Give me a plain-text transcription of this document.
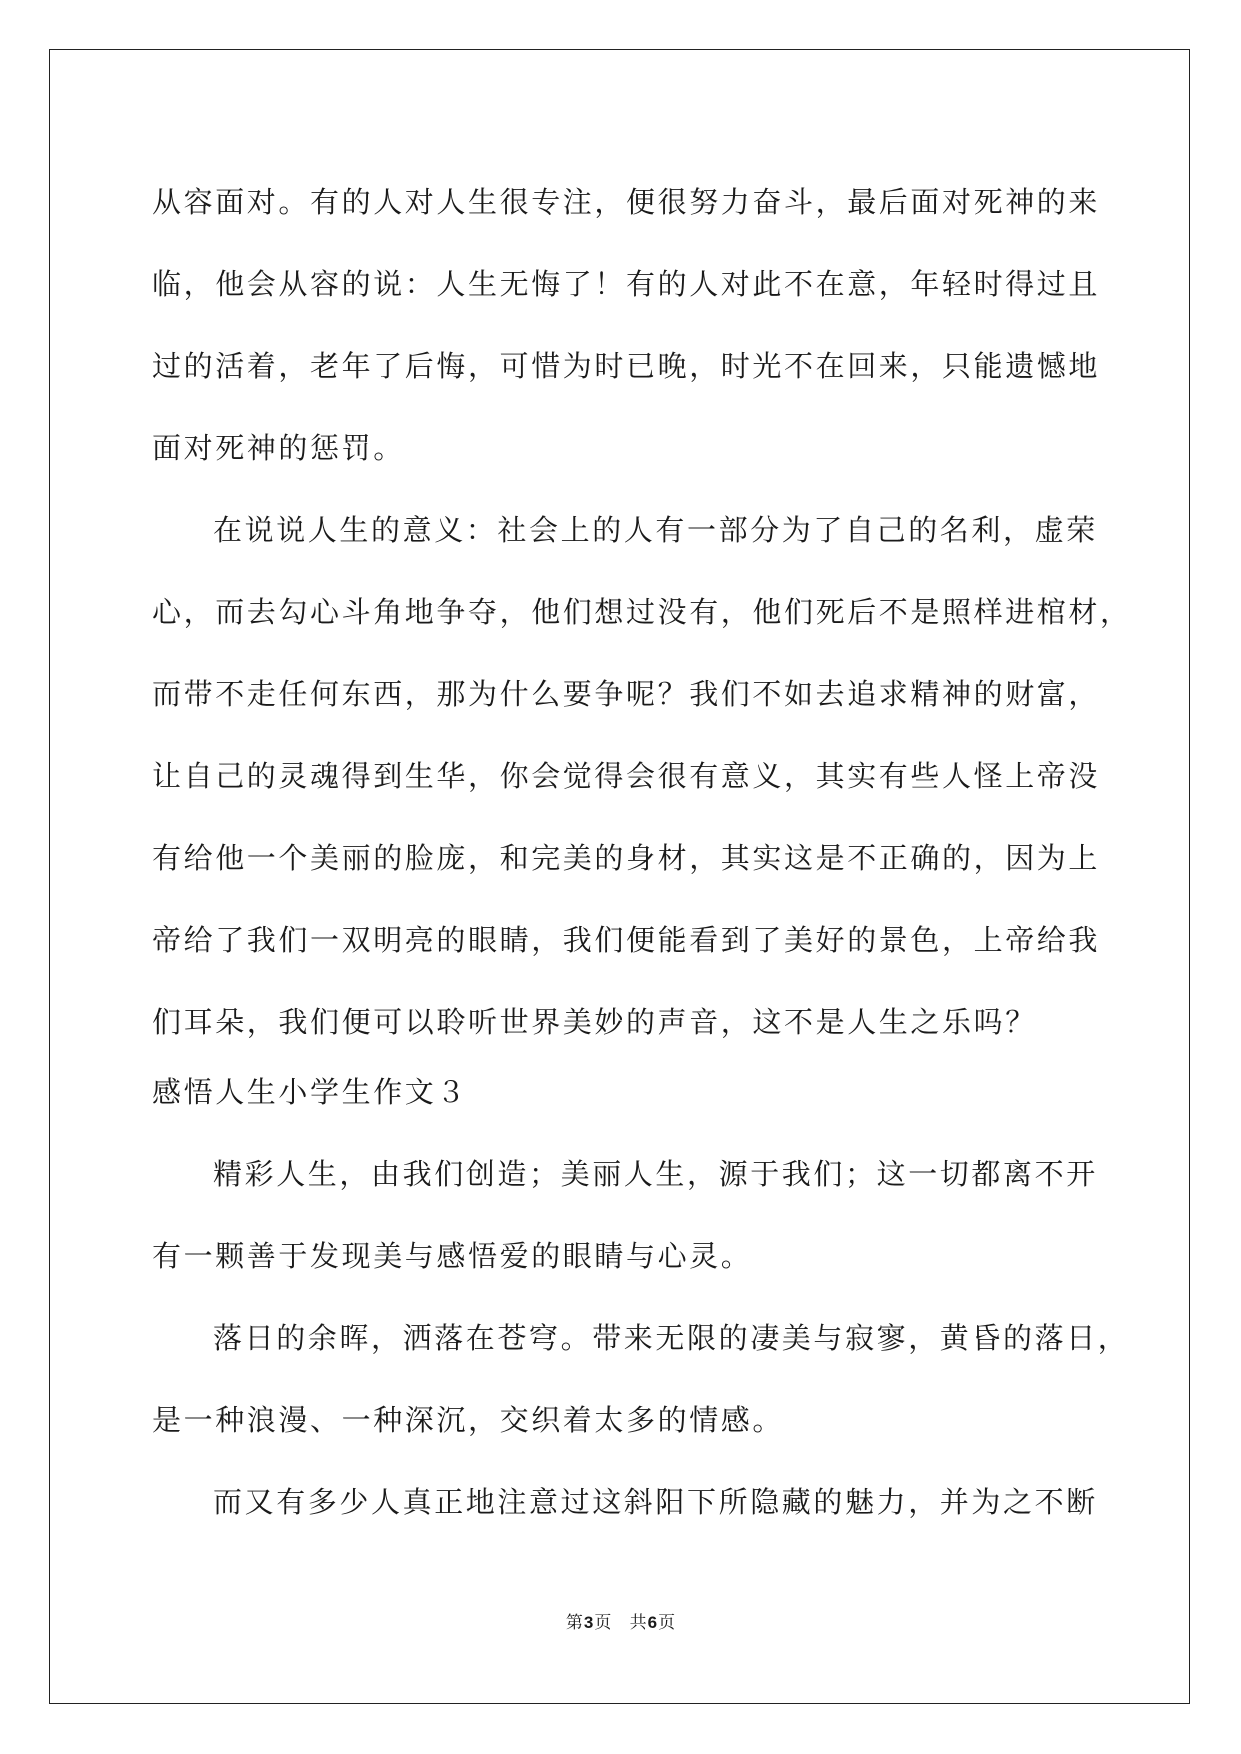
从容面对。有的人对人生很专注，便很努力奋斗，最后面对死神的来
临，他会从容的说：人生无悔了！有的人对此不在意，年轻时得过且
过的活着，老年了后悔，可惜为时已晚，时光不在回来，只能遗憾地
面对死神的惩罚。
在说说人生的意义：社会上的人有一部分为了自己的名利，虚荣
心，而去勾心斗角地争夺，他们想过没有，他们死后不是照样进棺材，
而带不走任何东西，那为什么要争呢？我们不如去追求精神的财富，
让自己的灵魂得到生华，你会觉得会很有意义，其实有些人怪上帝没
有给他一个美丽的脸庞，和完美的身材，其实这是不正确的，因为上
帝给了我们一双明亮的眼睛，我们便能看到了美好的景色，上帝给我
们耳朵，我们便可以聆听世界美妙的声音，这不是人生之乐吗？
感悟人生小学生作文３
精彩人生，由我们创造；美丽人生，源于我们；这一切都离不开
有一颗善于发现美与感悟爱的眼睛与心灵。
落日的余晖，洒落在苍穹。带来无限的凄美与寂寥，黄昏的落日，
是一种浪漫、一种深沉，交织着太多的情感。
而又有多少人真正地注意过这斜阳下所隐藏的魅力，并为之不断
第3页 共6页
